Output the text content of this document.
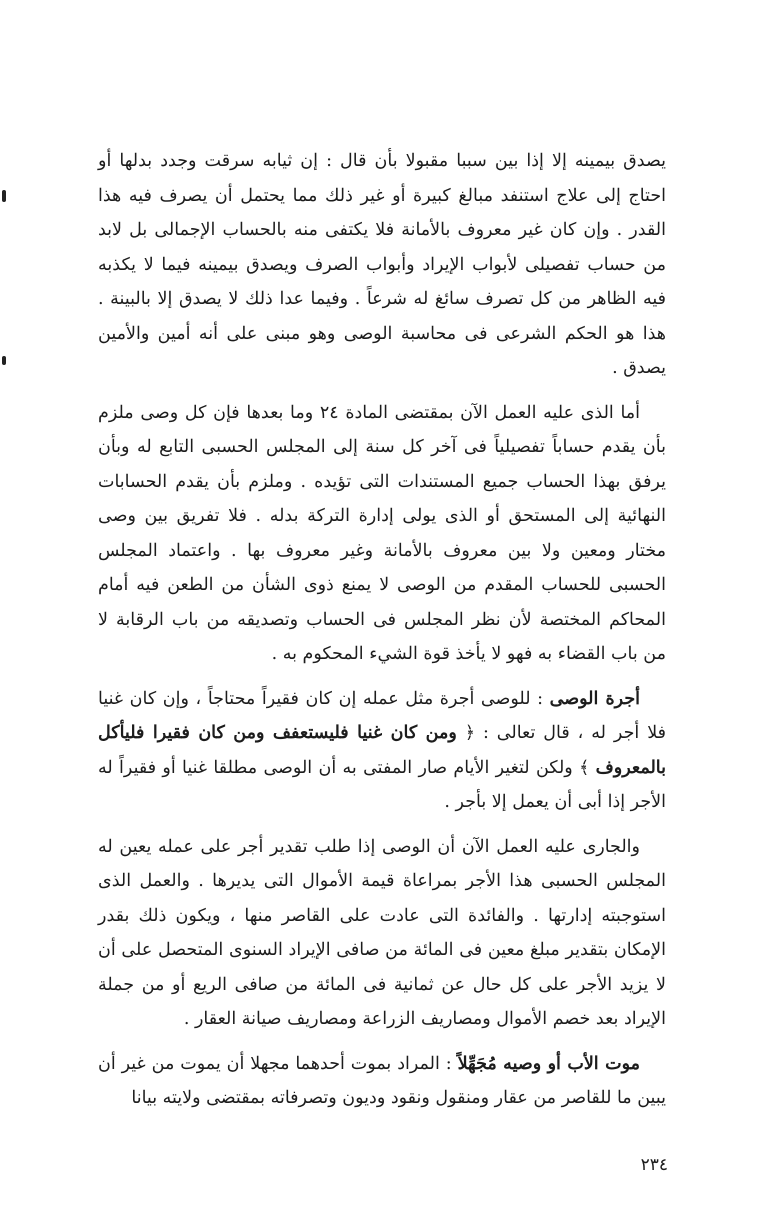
يصدق بيمينه إلا إذا بين سببا مقبولا بأن قال : إن ثيابه سرقت وجدد بدلها أو احتاج إلى علاج استنفد مبالغ كبيرة أو غير ذلك مما يحتمل أن يصرف فيه هذا القدر . وإن كان غير معروف بالأمانة فلا يكتفى منه بالحساب الإجمالى بل لابد من حساب تفصيلى لأبواب الإيراد وأبواب الصرف ويصدق بيمينه فيما لا يكذبه فيه الظاهر من كل تصرف سائغ له شرعاً . وفيما عدا ذلك لا يصدق إلا بالبينة . هذا هو الحكم الشرعى فى محاسبة الوصى وهو مبنى على أنه أمين والأمين يصدق .

أما الذى عليه العمل الآن بمقتضى المادة ٢٤ وما بعدها فإن كل وصى ملزم بأن يقدم حساباً تفصيلياً فى آخر كل سنة إلى المجلس الحسبى التابع له وبأن يرفق بهذا الحساب جميع المستندات التى تؤيده . وملزم بأن يقدم الحسابات النهائية إلى المستحق أو الذى يولى إدارة التركة بدله . فلا تفريق بين وصى مختار ومعين ولا بين معروف بالأمانة وغير معروف بها . واعتماد المجلس الحسبى للحساب المقدم من الوصى لا يمنع ذوى الشأن من الطعن فيه أمام المحاكم المختصة لأن نظر المجلس فى الحساب وتصديقه من باب الرقابة لا من باب القضاء به فهو لا يأخذ قوة الشيء المحكوم به .

أجرة الوصى : للوصى أجرة مثل عمله إن كان فقيراً محتاجاً ، وإن كان غنيا فلا أجر له ، قال تعالى : ﴿ ومن كان غنيا فليستعفف ومن كان فقيرا فليأكل بالمعروف ﴾ ولكن لتغير الأيام صار المفتى به أن الوصى مطلقا غنيا أو فقيراً له الأجر إذا أبى أن يعمل إلا بأجر .

والجارى عليه العمل الآن أن الوصى إذا طلب تقدير أجر على عمله يعين له المجلس الحسبى هذا الأجر بمراعاة قيمة الأموال التى يديرها . والعمل الذى استوجبته إدارتها . والفائدة التى عادت على القاصر منها ، ويكون ذلك بقدر الإمكان بتقدير مبلغ معين فى المائة من صافى الإيراد السنوى المتحصل على أن لا يزيد الأجر على كل حال عن ثمانية فى المائة من صافى الريع أو من جملة الإيراد بعد خصم الأموال ومصاريف الزراعة ومصاريف صيانة العقار .

موت الأب أو وصيه مُجَهِّلاً : المراد بموت أحدهما مجهلا أن يموت من غير أن يبين ما للقاصر من عقار ومنقول ونقود وديون وتصرفاته بمقتضى ولايته بيانا

٢٣٤
